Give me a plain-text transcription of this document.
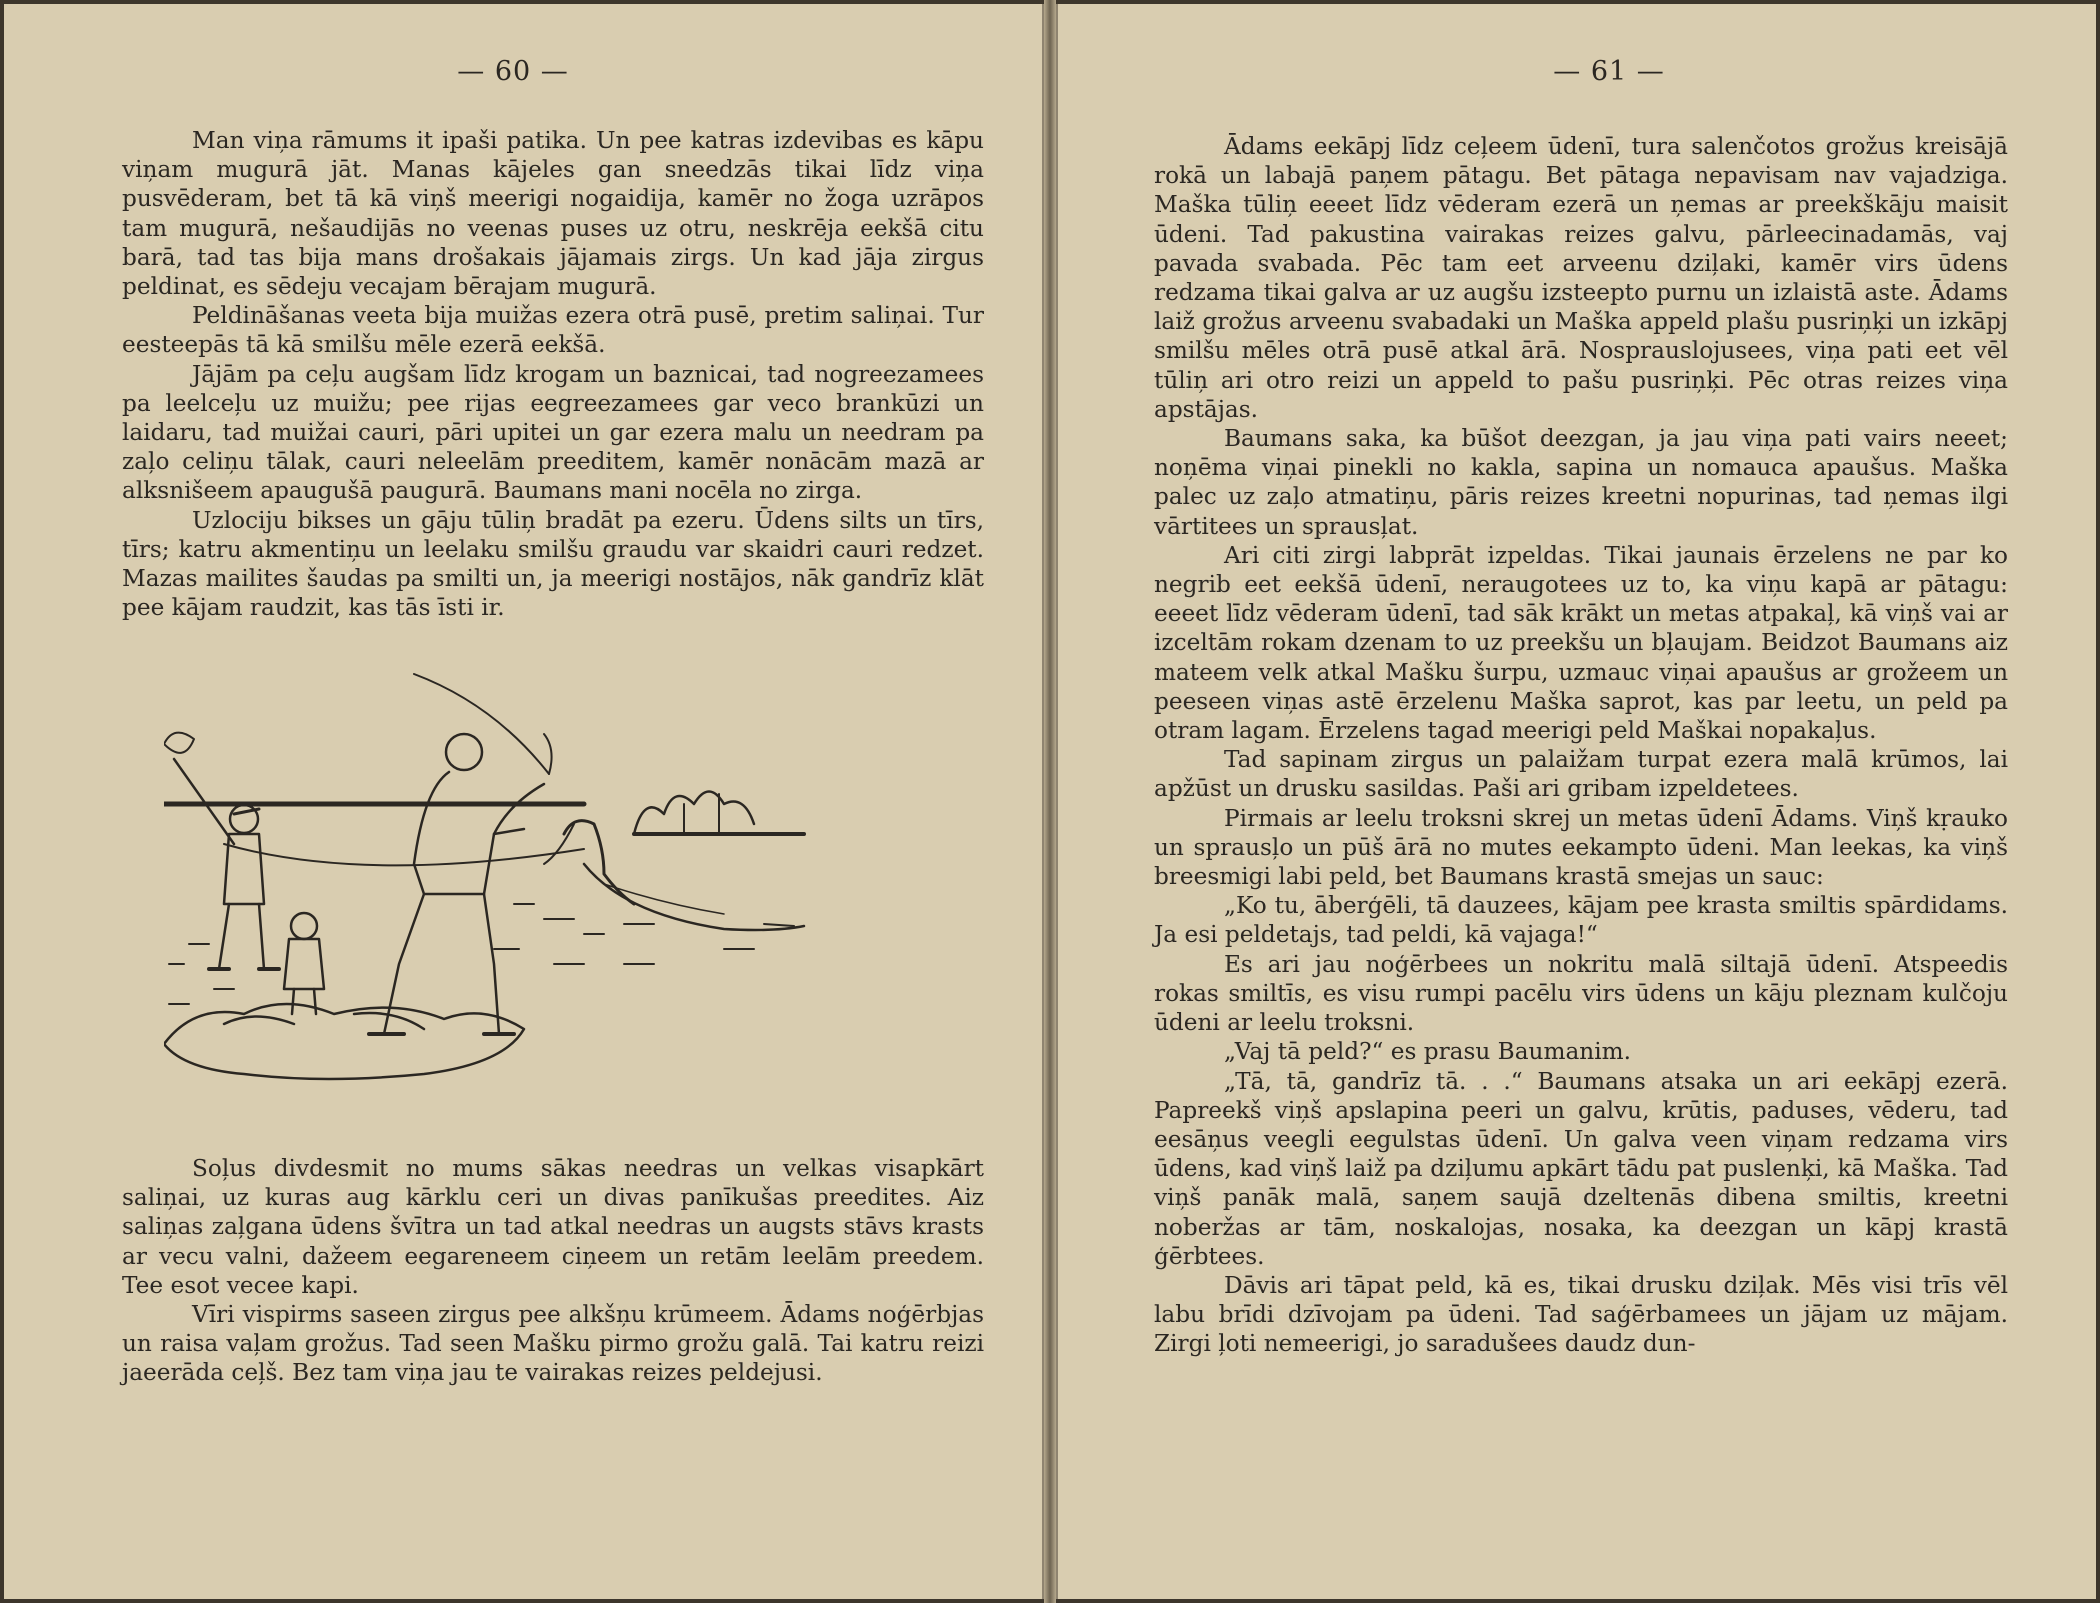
— 60 —

Man viņa rāmums it ipaši patika. Un pee katras izdevibas es kāpu viņam mugurā jāt. Manas kājeles gan sneedzās tikai līdz viņa pusvēderam, bet tā kā viņš meerigi nogaidija, kamēr no žoga uzrāpos tam mugurā, nešaudijās no veenas puses uz otru, neskrēja eekšā citu barā, tad tas bija mans drošakais jājamais zirgs. Un kad jāja zirgus peldinat, es sēdeju vecajam bērajam mugurā.

Peldināšanas veeta bija muižas ezera otrā pusē, pretim saliņai. Tur eesteepās tā kā smilšu mēle ezerā eekšā.

Jājām pa ceļu augšam līdz krogam un baznicai, tad nogreezamees pa leelceļu uz muižu; pee rijas eegreezamees gar veco brankūzi un laidaru, tad muižai cauri, pāri upitei un gar ezera malu un needram pa zaļo celiņu tālak, cauri neleelām preeditem, kamēr nonācām mazā ar alksnišeem apaugušā paugurā. Baumans mani nocēla no zirga.

Uzlociju bikses un gāju tūliņ bradāt pa ezeru. Ūdens silts un tīrs, tīrs; katru akmentiņu un leelaku smilšu graudu var skaidri cauri redzet. Mazas mailites šaudas pa smilti un, ja meerigi nostājos, nāk gandrīz klāt pee kājam raudzit, kas tās īsti ir.

Soļus divdesmit no mums sākas needras un velkas visapkārt saliņai, uz kuras aug kārklu ceri un divas panīkušas preedites. Aiz saliņas zaļgana ūdens švītra un tad atkal needras un augsts stāvs krasts ar vecu valni, dažeem eegareneem ciņeem un retām leelām preedem. Tee esot vecee kapi.

Vīri vispirms saseen zirgus pee alkšņu krūmeem. Ādams noģērbjas un raisa vaļam grožus. Tad seen Mašku pirmo grožu galā. Tai katru reizi jaeerāda ceļš. Bez tam viņa jau te vairakas reizes peldejusi.

— 61 —

Ādams eekāpj līdz ceļeem ūdenī, tura salenčotos grožus kreisājā rokā un labajā paņem pātagu. Bet pātaga nepavisam nav vajadziga. Maška tūliņ eeeet līdz vēderam ezerā un ņemas ar preekškāju maisit ūdeni. Tad pakustina vairakas reizes galvu, pārleecinadamās, vaj pavada svabada. Pēc tam eet arveenu dziļaki, kamēr virs ūdens redzama tikai galva ar uz augšu izsteepto purnu un izlaistā aste. Ādams laiž grožus arveenu svabadaki un Maška appeld plašu pusriņķi un izkāpj smilšu mēles otrā pusē atkal ārā. Nosprauslojusees, viņa pati eet vēl tūliņ ari otro reizi un appeld to pašu pusriņķi. Pēc otras reizes viņa apstājas.

Baumans saka, ka būšot deezgan, ja jau viņa pati vairs neeet; noņēma viņai pinekli no kakla, sapina un nomauca apaušus. Maška palec uz zaļo atmatiņu, pāris reizes kreetni nopurinas, tad ņemas ilgi vārtitees un sprausļat.

Ari citi zirgi labprāt izpeldas. Tikai jaunais ērzelens ne par ko negrib eet eekšā ūdenī, neraugotees uz to, ka viņu kapā ar pātagu: eeeet līdz vēderam ūdenī, tad sāk krākt un metas atpakaļ, kā viņš vai ar izceltām rokam dzenam to uz preekšu un bļaujam. Beidzot Baumans aiz mateem velk atkal Mašku šurpu, uzmauc viņai apaušus ar grožeem un peeseen viņas astē ērzelenu Maška saprot, kas par leetu, un peld pa otram lagam. Ērzelens tagad meerigi peld Maškai nopakaļus.

Tad sapinam zirgus un palaižam turpat ezera malā krūmos, lai apžūst un drusku sasildas. Paši ari gribam izpeldetees.

Pirmais ar leelu troksni skrej un metas ūdenī Ādams. Viņš kṛauko un sprausļo un pūš ārā no mutes eekampto ūdeni. Man leekas, ka viņš breesmigi labi peld, bet Baumans krastā smejas un sauc:

„Ko tu, āberģēli, tā dauzees, kājam pee krasta smiltis spārdidams. Ja esi peldetajs, tad peldi, kā vajaga!“

Es ari jau noģērbees un nokritu malā siltajā ūdenī. Atspeedis rokas smiltīs, es visu rumpi pacēlu virs ūdens un kāju pleznam kulčoju ūdeni ar leelu troksni.

„Vaj tā peld?“ es prasu Baumanim.

„Tā, tā, gandrīz tā. . .“ Baumans atsaka un ari eekāpj ezerā. Papreekš viņš apslapina peeri un galvu, krūtis, paduses, vēderu, tad eesāņus veegli eegulstas ūdenī. Un galva veen viņam redzama virs ūdens, kad viņš laiž pa dziļumu apkārt tādu pat puslenķi, kā Maška. Tad viņš panāk malā, saņem saujā dzeltenās dibena smiltis, kreetni noberžas ar tām, noskalojas, nosaka, ka deezgan un kāpj krastā ģērbtees.

Dāvis ari tāpat peld, kā es, tikai drusku dziļak. Mēs visi trīs vēl labu brīdi dzīvojam pa ūdeni. Tad saģērbamees un jājam uz mājam. Zirgi ļoti nemeerigi, jo saradušees daudz dun-
